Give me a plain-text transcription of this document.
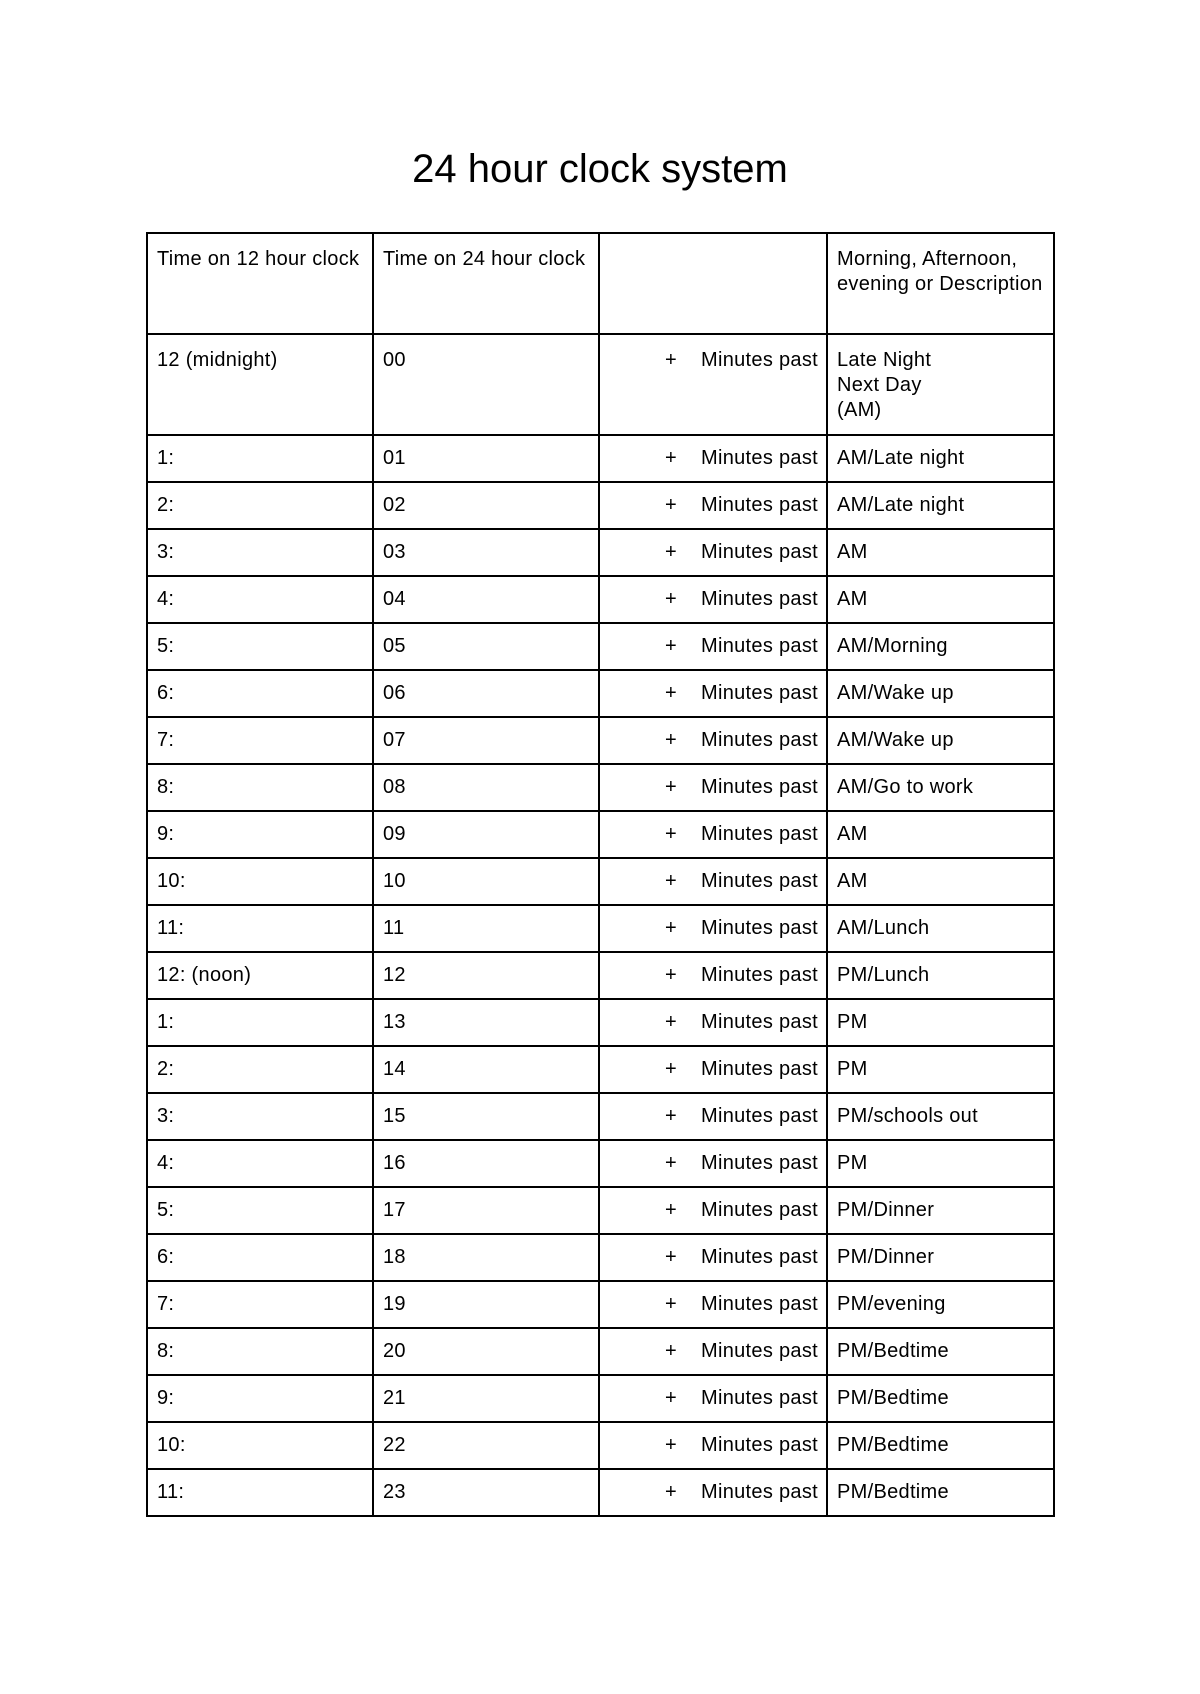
24 hour clock system
Time on 12 hour clock	Time on 24 hour clock		Morning, Afternoon, evening or Description
12 (midnight)	00	+ Minutes past	Late Night
Next Day
(AM)
1:	01	+ Minutes past	AM/Late night
2:	02	+ Minutes past	AM/Late night
3:	03	+ Minutes past	AM
4:	04	+ Minutes past	AM
5:	05	+ Minutes past	AM/Morning
6:	06	+ Minutes past	AM/Wake up
7:	07	+ Minutes past	AM/Wake up
8:	08	+ Minutes past	AM/Go to work
9:	09	+ Minutes past	AM
10:	10	+ Minutes past	AM
11:	11	+ Minutes past	AM/Lunch
12: (noon)	12	+ Minutes past	PM/Lunch
1:	13	+ Minutes past	PM
2:	14	+ Minutes past	PM
3:	15	+ Minutes past	PM/schools out
4:	16	+ Minutes past	PM
5:	17	+ Minutes past	PM/Dinner
6:	18	+ Minutes past	PM/Dinner
7:	19	+ Minutes past	PM/evening
8:	20	+ Minutes past	PM/Bedtime
9:	21	+ Minutes past	PM/Bedtime
10:	22	+ Minutes past	PM/Bedtime
11:	23	+ Minutes past	PM/Bedtime
